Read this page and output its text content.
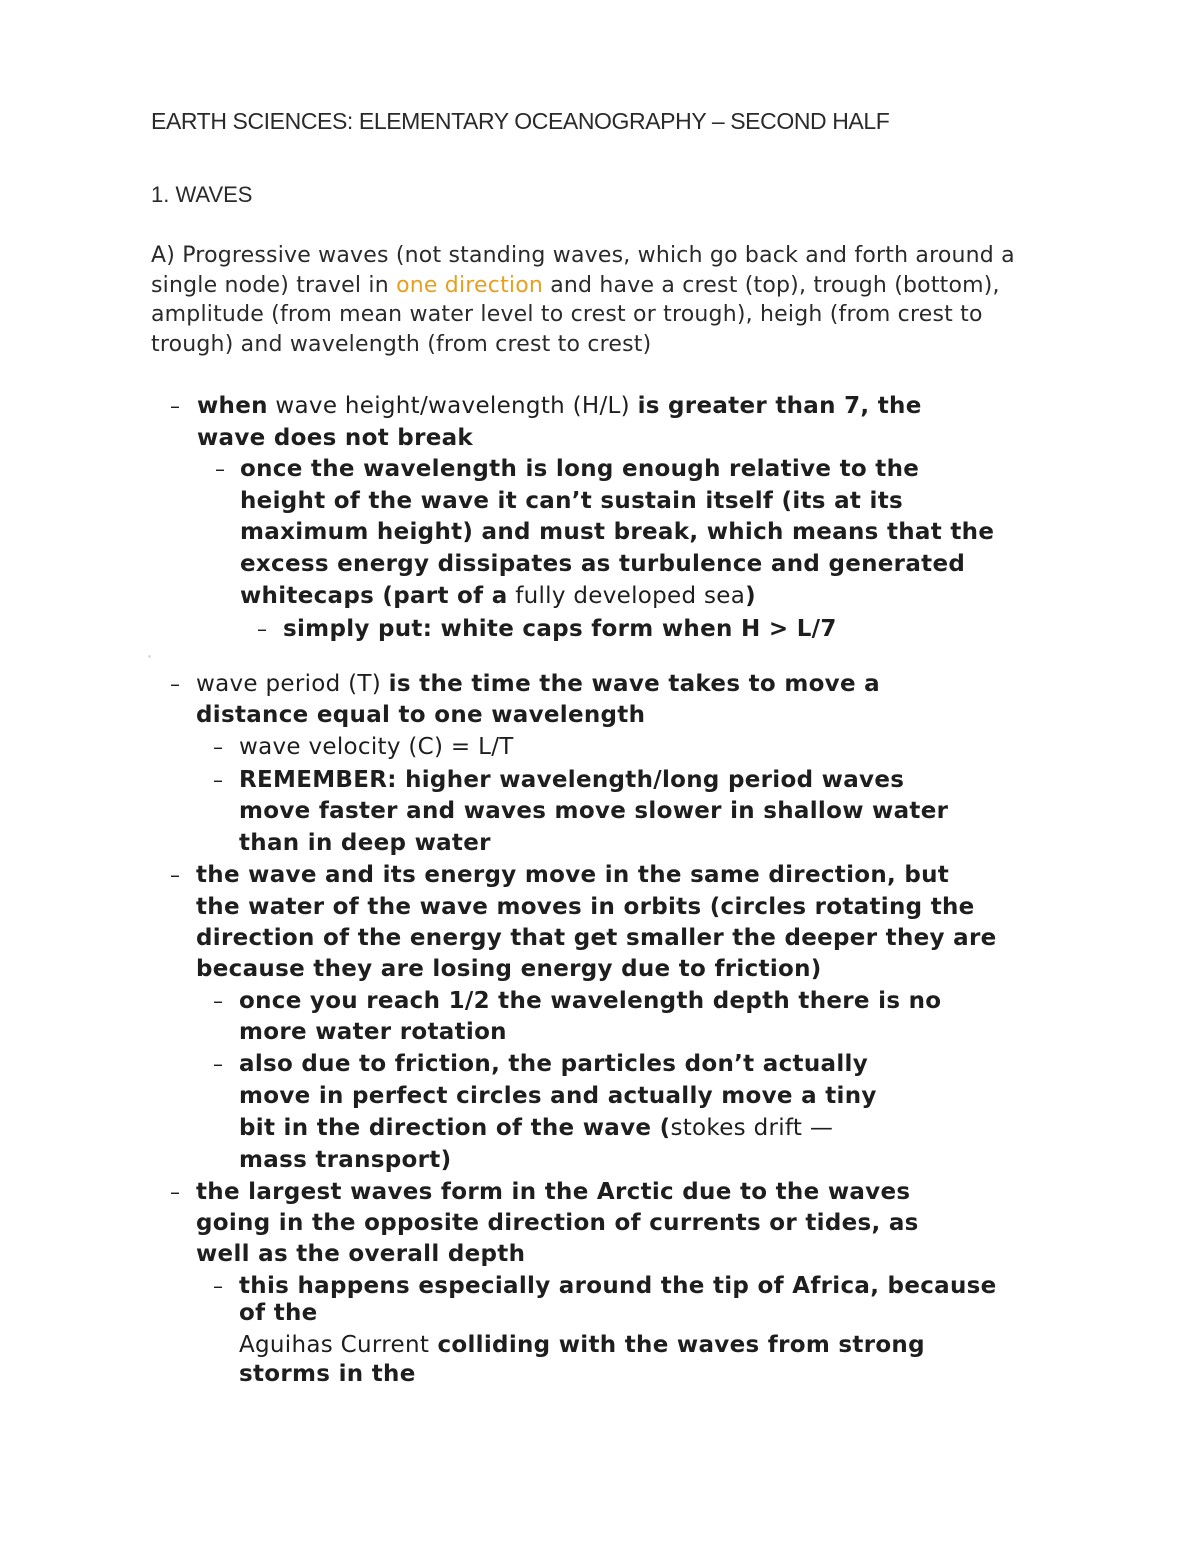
EARTH SCIENCES: ELEMENTARY OCEANOGRAPHY – SECOND HALF
1. WAVES
A) Progressive waves (not standing waves, which go back and forth around a single node) travel in one direction and have a crest (top), trough (bottom), amplitude (from mean water level to crest or trough), heigh (from crest to trough) and wavelength (from crest to crest)
– when wave height/wavelength (H/L) is greater than 7, the
wave does not break
– once the wavelength is long enough relative to the
height of the wave it can’t sustain itself (its at its
maximum height) and must break, which means that the
excess energy dissipates as turbulence and generated
whitecaps (part of a fully developed sea)
– simply put: white caps form when H > L/7
– wave period (T) is the time the wave takes to move a
distance equal to one wavelength
– wave velocity (C) = L/T
– REMEMBER: higher wavelength/long period waves
move faster and waves move slower in shallow water
than in deep water
– the wave and its energy move in the same direction, but
the water of the wave moves in orbits (circles rotating the
direction of the energy that get smaller the deeper they are
because they are losing energy due to friction)
– once you reach 1/2 the wavelength depth there is no
more water rotation
– also due to friction, the particles don’t actually
move in perfect circles and actually move a tiny
bit in the direction of the wave (stokes drift —
mass transport)
– the largest waves form in the Arctic due to the waves
going in the opposite direction of currents or tides, as
well as the overall depth
– this happens especially around the tip of Africa, because
of the
Aguihas Current colliding with the waves from strong
storms in the
